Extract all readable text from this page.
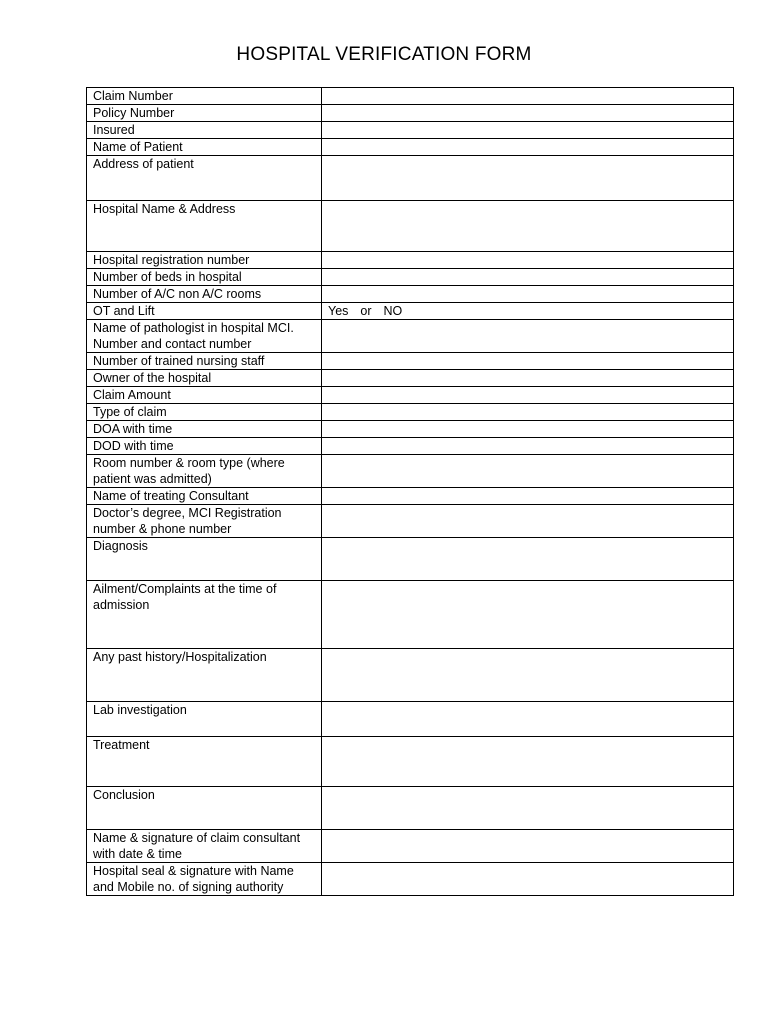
HOSPITAL VERIFICATION FORM
Claim Number	
Policy Number	
Insured	
Name of Patient	
Address of patient	
Hospital Name & Address	
Hospital registration number	
Number of beds in hospital	
Number of A/C non A/C rooms	
OT and Lift	Yes or NO
Name of pathologist in hospital MCI. Number and contact number	
Number of trained nursing staff	
Owner of the hospital	
Claim Amount	
Type of claim	
DOA with time	
DOD with time	
Room number & room type (where patient was admitted)	
Name of treating Consultant	
Doctor’s degree, MCI Registration number & phone number	
Diagnosis	
Ailment/Complaints at the time of admission	
Any past history/Hospitalization	
Lab investigation	
Treatment	
Conclusion	
Name & signature of claim consultant with date & time	
Hospital seal & signature with Name and Mobile no. of signing authority	
